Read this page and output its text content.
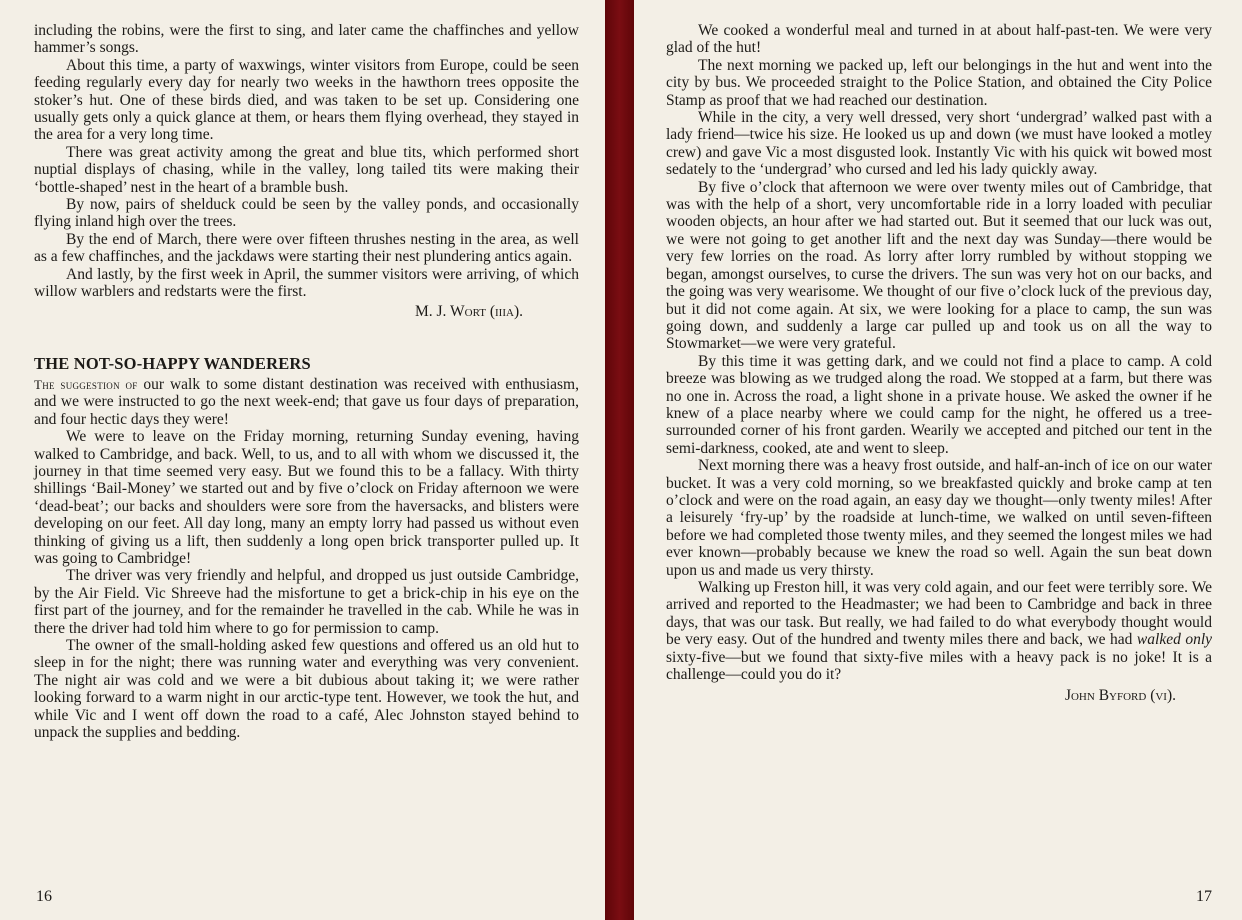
including the robins, were the first to sing, and later came the chaffinches and yellow hammer’s songs.

About this time, a party of waxwings, winter visitors from Europe, could be seen feeding regularly every day for nearly two weeks in the hawthorn trees opposite the stoker’s hut. One of these birds died, and was taken to be set up. Considering one usually gets only a quick glance at them, or hears them flying overhead, they stayed in the area for a very long time.

There was great activity among the great and blue tits, which performed short nuptial displays of chasing, while in the valley, long tailed tits were making their ‘bottle-shaped’ nest in the heart of a bramble bush.

By now, pairs of shelduck could be seen by the valley ponds, and occasionally flying inland high over the trees.

By the end of March, there were over fifteen thrushes nesting in the area, as well as a few chaffinches, and the jackdaws were starting their nest plundering antics again.

And lastly, by the first week in April, the summer visitors were arriving, of which willow warblers and redstarts were the first.

M. J. Wort (iiia).

THE NOT-SO-HAPPY WANDERERS

The suggestion of our walk to some distant destination was received with enthusiasm, and we were instructed to go the next week-end; that gave us four days of preparation, and four hectic days they were!

We were to leave on the Friday morning, returning Sunday evening, having walked to Cambridge, and back. Well, to us, and to all with whom we discussed it, the journey in that time seemed very easy. But we found this to be a fallacy. With thirty shillings ‘Bail-Money’ we started out and by five o’clock on Friday afternoon we were ‘dead-beat’; our backs and shoulders were sore from the haversacks, and blisters were developing on our feet. All day long, many an empty lorry had passed us without even thinking of giving us a lift, then suddenly a long open brick transporter pulled up. It was going to Cambridge!

The driver was very friendly and helpful, and dropped us just outside Cambridge, by the Air Field. Vic Shreeve had the misfortune to get a brick-chip in his eye on the first part of the journey, and for the remainder he travelled in the cab. While he was in there the driver had told him where to go for permission to camp.

The owner of the small-holding asked few questions and offered us an old hut to sleep in for the night; there was running water and everything was very convenient. The night air was cold and we were a bit dubious about taking it; we were rather looking forward to a warm night in our arctic-type tent. However, we took the hut, and while Vic and I went off down the road to a café, Alec Johnston stayed behind to unpack the supplies and bedding.

16

We cooked a wonderful meal and turned in at about half-past-ten. We were very glad of the hut!

The next morning we packed up, left our belongings in the hut and went into the city by bus. We proceeded straight to the Police Station, and obtained the City Police Stamp as proof that we had reached our destination.

While in the city, a very well dressed, very short ‘undergrad’ walked past with a lady friend—twice his size. He looked us up and down (we must have looked a motley crew) and gave Vic a most disgusted look. Instantly Vic with his quick wit bowed most sedately to the ‘undergrad’ who cursed and led his lady quickly away.

By five o’clock that afternoon we were over twenty miles out of Cambridge, that was with the help of a short, very uncomfortable ride in a lorry loaded with peculiar wooden objects, an hour after we had started out. But it seemed that our luck was out, we were not going to get another lift and the next day was Sunday—there would be very few lorries on the road. As lorry after lorry rumbled by without stopping we began, amongst ourselves, to curse the drivers. The sun was very hot on our backs, and the going was very wearisome. We thought of our five o’clock luck of the previous day, but it did not come again. At six, we were looking for a place to camp, the sun was going down, and suddenly a large car pulled up and took us on all the way to Stowmarket—we were very grateful.

By this time it was getting dark, and we could not find a place to camp. A cold breeze was blowing as we trudged along the road. We stopped at a farm, but there was no one in. Across the road, a light shone in a private house. We asked the owner if he knew of a place nearby where we could camp for the night, he offered us a tree-surrounded corner of his front garden. Wearily we accepted and pitched our tent in the semi-darkness, cooked, ate and went to sleep.

Next morning there was a heavy frost outside, and half-an-inch of ice on our water bucket. It was a very cold morning, so we breakfasted quickly and broke camp at ten o’clock and were on the road again, an easy day we thought—only twenty miles! After a leisurely ‘fry-up’ by the roadside at lunch-time, we walked on until seven-fifteen before we had completed those twenty miles, and they seemed the longest miles we had ever known—probably because we knew the road so well. Again the sun beat down upon us and made us very thirsty.

Walking up Freston hill, it was very cold again, and our feet were terribly sore. We arrived and reported to the Headmaster; we had been to Cambridge and back in three days, that was our task. But really, we had failed to do what everybody thought would be very easy. Out of the hundred and twenty miles there and back, we had walked only sixty-five—but we found that sixty-five miles with a heavy pack is no joke! It is a challenge—could you do it?

John Byford (vi).

17
